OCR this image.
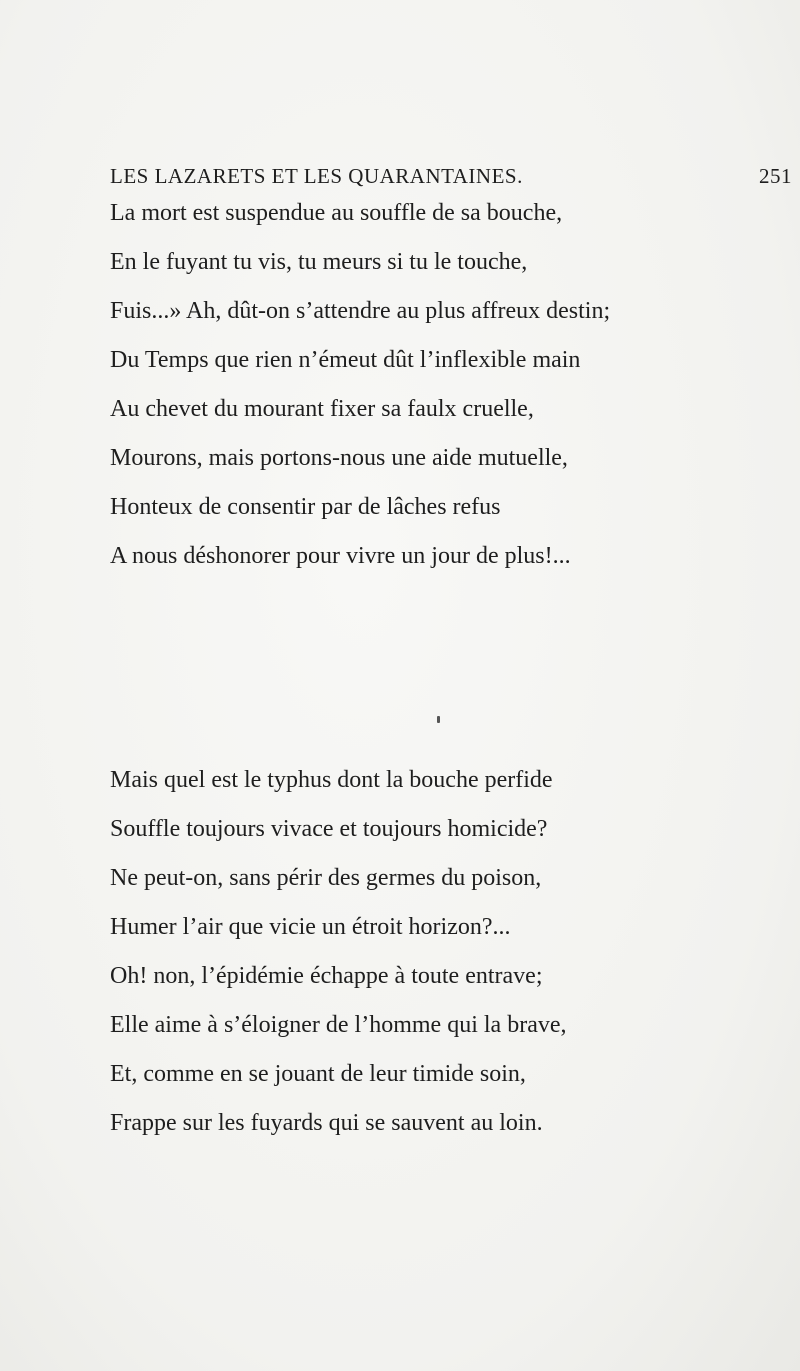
LES LAZARETS ET LES QUARANTAINES.	251
La mort est suspendue au souffle de sa bouche,
En le fuyant tu vis, tu meurs si tu le touche,
Fuis...» Ah, dût-on s’attendre au plus affreux destin;
Du Temps que rien n’émeut dût l’inflexible main
Au chevet du mourant fixer sa faulx cruelle,
Mourons, mais portons-nous une aide mutuelle,
Honteux de consentir par de lâches refus
A nous déshonorer pour vivre un jour de plus!...
Mais quel est le typhus dont la bouche perfide
Souffle toujours vivace et toujours homicide?
Ne peut-on, sans périr des germes du poison,
Humer l’air que vicie un étroit horizon?...
Oh! non, l’épidémie échappe à toute entrave;
Elle aime à s’éloigner de l’homme qui la brave,
Et, comme en se jouant de leur timide soin,
Frappe sur les fuyards qui se sauvent au loin.
